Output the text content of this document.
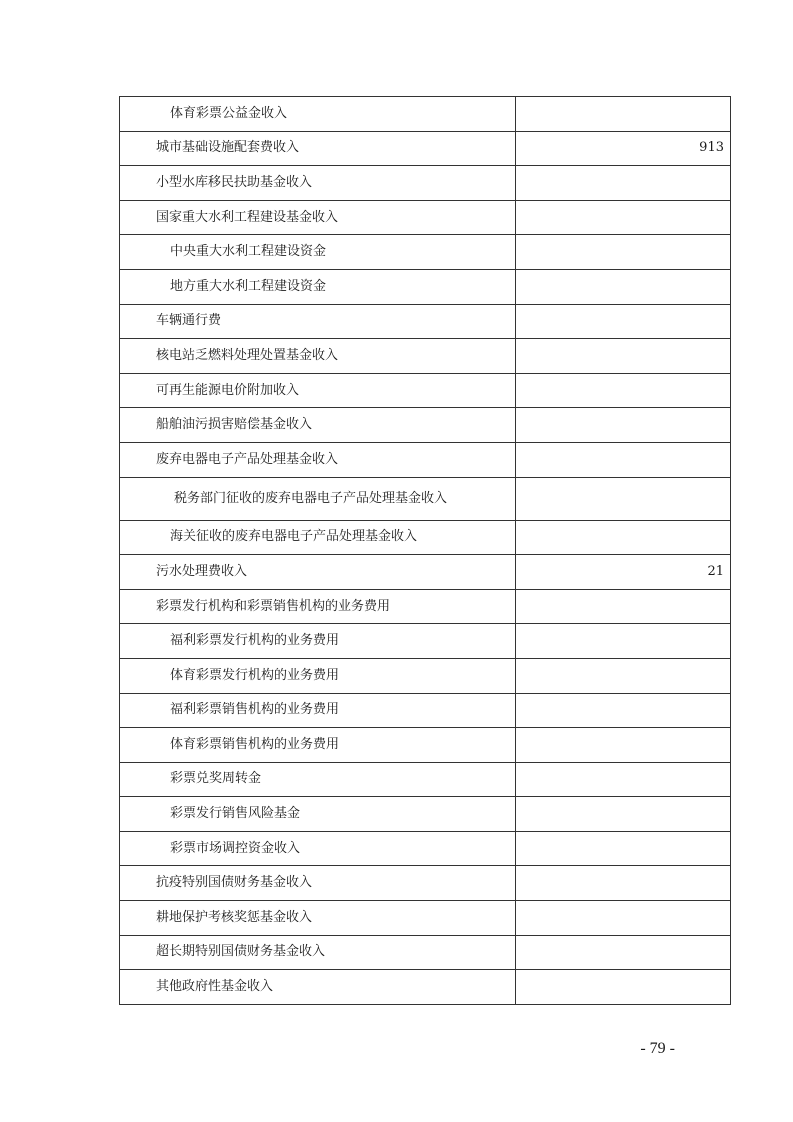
体育彩票公益金收入	
城市基础设施配套费收入	913
小型水库移民扶助基金收入	
国家重大水利工程建设基金收入	
中央重大水利工程建设资金	
地方重大水利工程建设资金	
车辆通行费	
核电站乏燃料处理处置基金收入	
可再生能源电价附加收入	
船舶油污损害赔偿基金收入	
废弃电器电子产品处理基金收入	

税务部门征收的废弃电器电子产品处理基金收入	

海关征收的废弃电器电子产品处理基金收入	
污水处理费收入	21
彩票发行机构和彩票销售机构的业务费用	
福利彩票发行机构的业务费用	
体育彩票发行机构的业务费用	
福利彩票销售机构的业务费用	
体育彩票销售机构的业务费用	
彩票兑奖周转金	
彩票发行销售风险基金	
彩票市场调控资金收入	
抗疫特别国债财务基金收入	
耕地保护考核奖惩基金收入	
超长期特别国债财务基金收入	
其他政府性基金收入	
- 79 -
